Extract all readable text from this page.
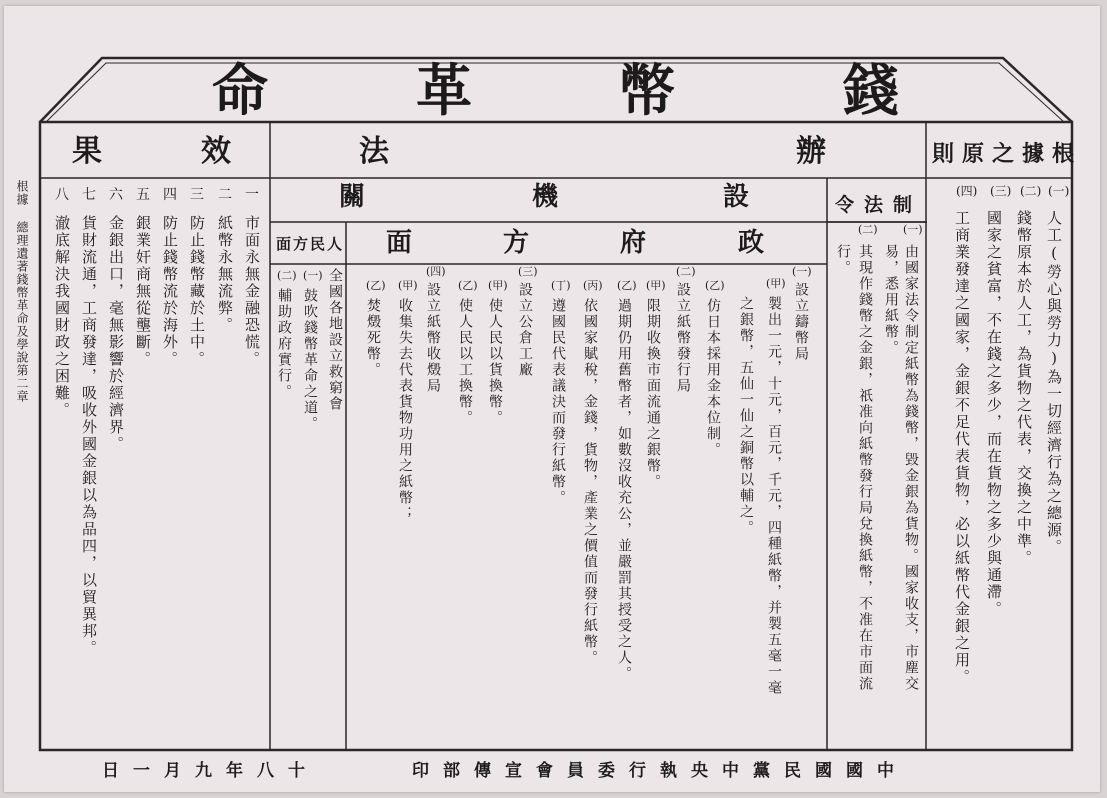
錢
幣
革
命
根據之原則
辦
法
效
果
設
機
關	制法令
政
府
方
面
人民方面
(一)
人工(勞心與勞力)為一切經濟行為之總源。
(二)
錢幣原本於人工，為貨物之代表，交換之中準。
(三)
國家之貧富，不在錢之多少，而在貨物之多少與通滯。
(四)
工商業發達之國家，金銀不足代表貨物，必以紙幣代金銀之用。
(一)
由國家法令制定紙幣為錢幣，毀金銀為貨物。國家收支，市塵交
易，悉用紙幣。
(二)
其現作錢幣之金銀，祇准向紙幣發行局兌換紙幣，不准在市面流
行。
(一)
設立鑄幣局
(甲)
製出一元，十元，百元，千元，四種紙幣，并製五毫一毫
之銀幣，五仙一仙之銅幣以輔之。
(二)
設立紙幣發行局 (乙)
仿日本採用金本位制。
(甲)
限期收換市面流通之銀幣。
(乙)
過期仍用舊幣者，如數沒收充公，並嚴罰其授受之人。
(丙)
依國家賦稅，金錢，貨物，產業之價值而發行紙幣。
(丁)
遵國民代表議決而發行紙幣。
(三)
設立公倉工廠
(甲)
使人民以貨換幣。
(乙)
使人民以工換幣。
(四)
設立紙幣收燬局
(甲)
收集失去代表貨物功用之紙幣；
(乙)
焚燬死幣。
全國各地設立救窮會
(一)
鼓吹錢幣革命之道。
(二)
輔助政府實行。
一
市面永無金融恐慌。
二
紙幣永無流弊。
三
防止錢幣藏於土中。
四
防止錢幣流於海外。
五
銀業奸商無從壟斷。
六
金銀出口，毫無影響於經濟界。
七
貨財流通，工商發達，吸收外國金銀以為品四，以貿異邦。
八
澈底解決我國財政之困難。
根據 總理遺著錢幣革命及學說第二章
中國國民黨中央執行委員會宣傳部印
十八年九月一日
